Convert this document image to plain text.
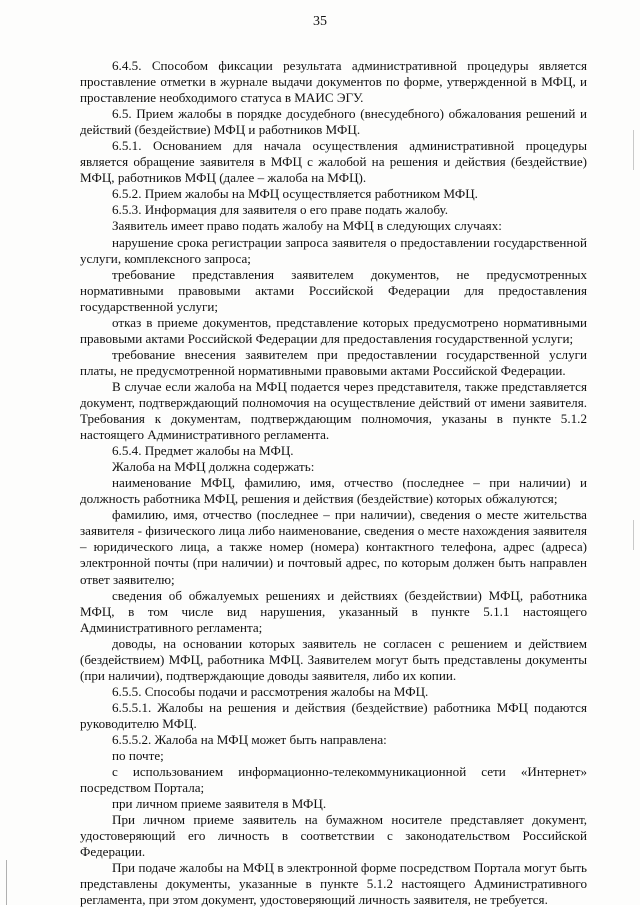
35

6.4.5. Способом фиксации результата административной процедуры является проставление отметки в журнале выдачи документов по форме, утвержденной в МФЦ, и проставление необходимого статуса в МАИС ЭГУ.

6.5. Прием жалобы в порядке досудебного (внесудебного) обжалования решений и действий (бездействие) МФЦ и работников МФЦ.

6.5.1. Основанием для начала осуществления административной процедуры является обращение заявителя в МФЦ с жалобой на решения и действия (бездействие) МФЦ, работников МФЦ (далее – жалоба на МФЦ).

6.5.2. Прием жалобы на МФЦ осуществляется работником МФЦ.

6.5.3. Информация для заявителя о его праве подать жалобу.

Заявитель имеет право подать жалобу на МФЦ в следующих случаях:

нарушение срока регистрации запроса заявителя о предоставлении государственной услуги, комплексного запроса;

требование представления заявителем документов, не предусмотренных нормативными правовыми актами Российской Федерации для предоставления государственной услуги;

отказ в приеме документов, представление которых предусмотрено нормативными правовыми актами Российской Федерации для предоставления государственной услуги;

требование внесения заявителем при предоставлении государственной услуги платы, не предусмотренной нормативными правовыми актами Российской Федерации.

В случае если жалоба на МФЦ подается через представителя, также представляется документ, подтверждающий полномочия на осуществление действий от имени заявителя. Требования к документам, подтверждающим полномочия, указаны в пункте 5.1.2 настоящего Административного регламента.

6.5.4. Предмет жалобы на МФЦ.

Жалоба на МФЦ должна содержать:

наименование МФЦ, фамилию, имя, отчество (последнее – при наличии) и должность работника МФЦ, решения и действия (бездействие) которых обжалуются;

фамилию, имя, отчество (последнее – при наличии), сведения о месте жительства заявителя - физического лица либо наименование, сведения о месте нахождения заявителя – юридического лица, а также номер (номера) контактного телефона, адрес (адреса) электронной почты (при наличии) и почтовый адрес, по которым должен быть направлен ответ заявителю;

сведения об обжалуемых решениях и действиях (бездействии) МФЦ, работника МФЦ, в том числе вид нарушения, указанный в пункте 5.1.1 настоящего Административного регламента;

доводы, на основании которых заявитель не согласен с решением и действием (бездействием) МФЦ, работника МФЦ. Заявителем могут быть представлены документы (при наличии), подтверждающие доводы заявителя, либо их копии.

6.5.5. Способы подачи и рассмотрения жалобы на МФЦ.

6.5.5.1. Жалобы на решения и действия (бездействие) работника МФЦ подаются руководителю МФЦ.

6.5.5.2. Жалоба на МФЦ может быть направлена:

по почте;

с использованием информационно-телекоммуникационной сети «Интернет» посредством Портала;

при личном приеме заявителя в МФЦ.

При личном приеме заявитель на бумажном носителе представляет документ, удостоверяющий его личность в соответствии с законодательством Российской Федерации.

При подаче жалобы на МФЦ в электронной форме посредством Портала могут быть представлены документы, указанные в пункте 5.1.2 настоящего Административного регламента, при этом документ, удостоверяющий личность заявителя, не требуется.
